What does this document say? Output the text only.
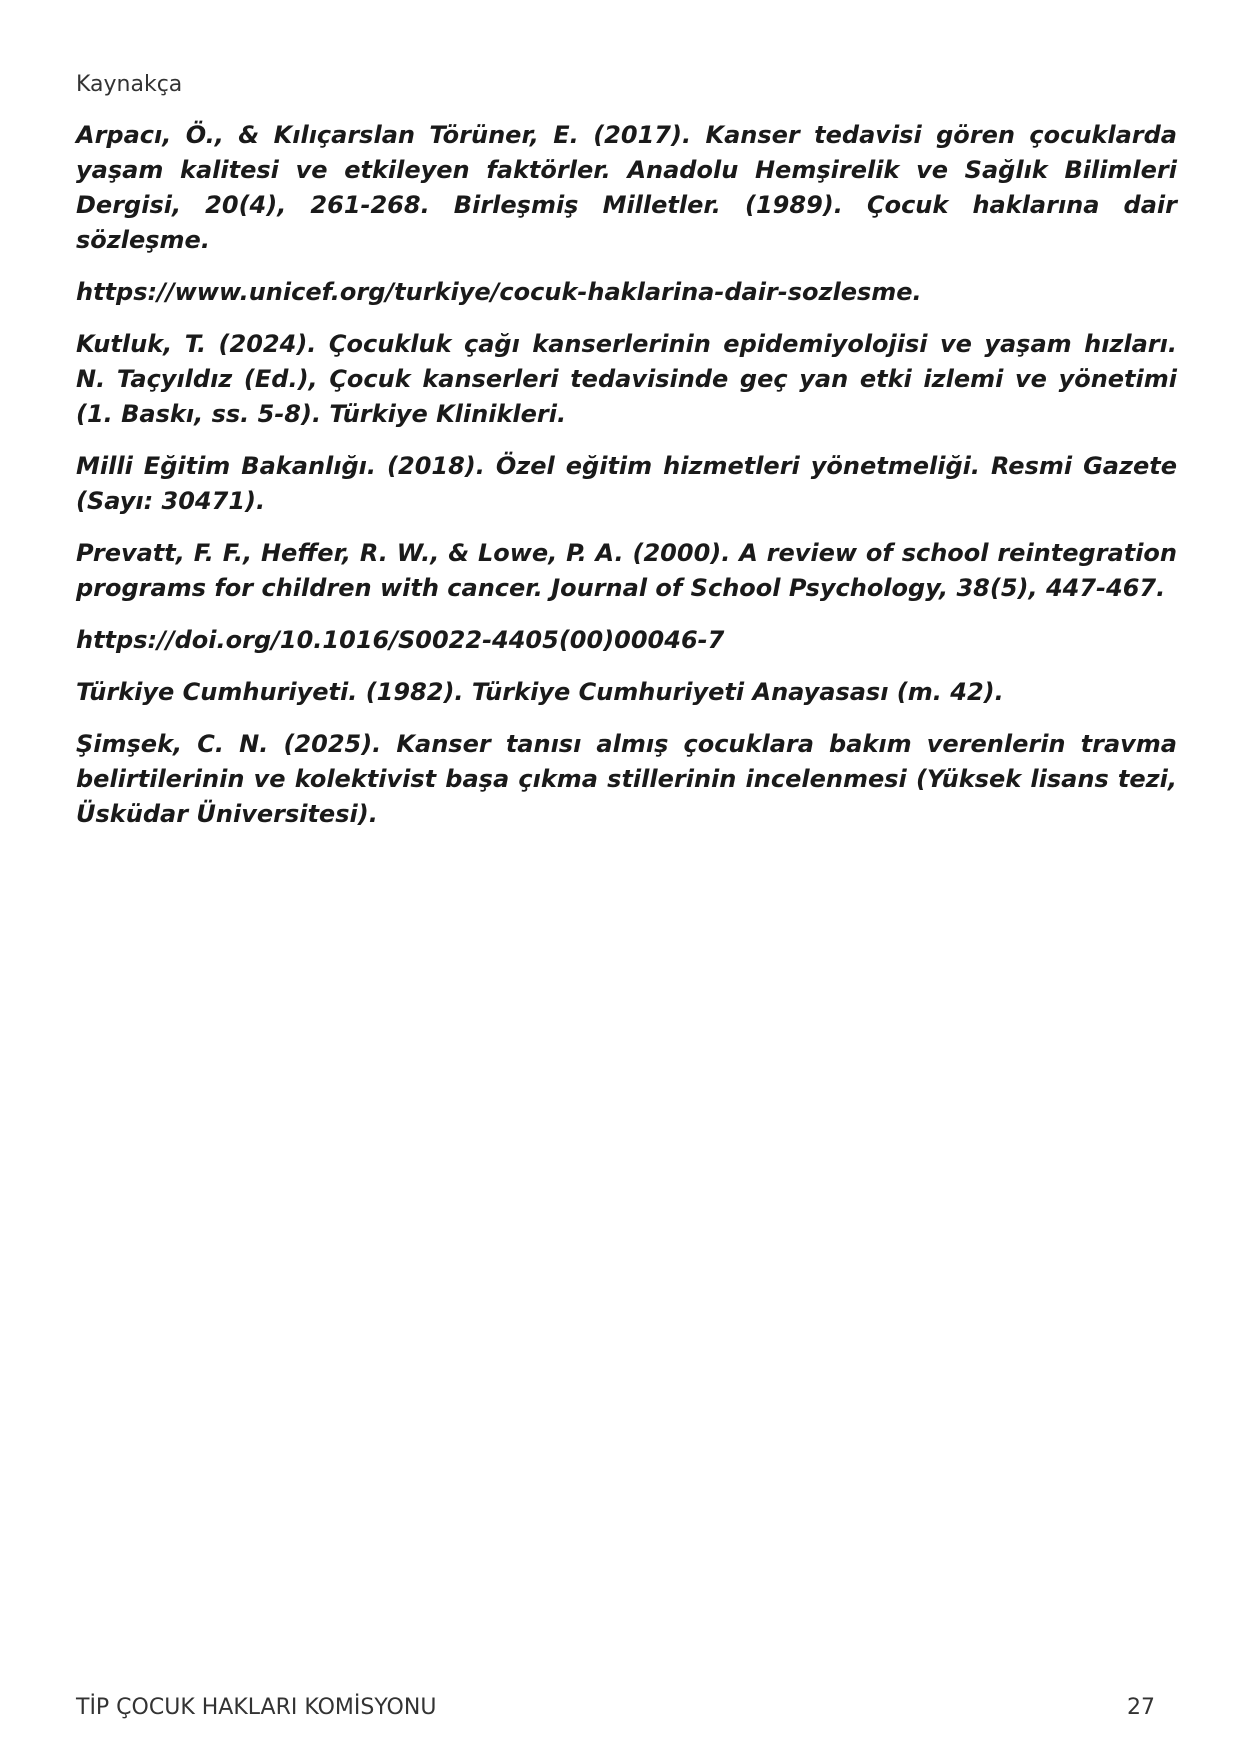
Kaynakça

Arpacı, Ö., & Kılıçarslan Törüner, E. (2017). Kanser tedavisi gören çocuklarda yaşam kalitesi ve etkileyen faktörler. Anadolu Hemşirelik ve Sağlık Bilimleri Dergisi, 20(4), 261-268. Birleşmiş Milletler. (1989). Çocuk haklarına dair sözleşme.

https://www.unicef.org/turkiye/cocuk-haklarina-dair-sozlesme.

Kutluk, T. (2024). Çocukluk çağı kanserlerinin epidemiyolojisi ve yaşam hızları. N. Taçyıldız (Ed.), Çocuk kanserleri tedavisinde geç yan etki izlemi ve yönetimi (1. Baskı, ss. 5-8). Türkiye Klinikleri.

Milli Eğitim Bakanlığı. (2018). Özel eğitim hizmetleri yönetmeliği. Resmi Gazete (Sayı: 30471).

Prevatt, F. F., Heffer, R. W., & Lowe, P. A. (2000). A review of school reintegration programs for children with cancer. Journal of School Psychology, 38(5), 447-467.

https://doi.org/10.1016/S0022-4405(00)00046-7

Türkiye Cumhuriyeti. (1982). Türkiye Cumhuriyeti Anayasası (m. 42).

Şimşek, C. N. (2025). Kanser tanısı almış çocuklara bakım verenlerin travma belirtilerinin ve kolektivist başa çıkma stillerinin incelenmesi (Yüksek lisans tezi, Üsküdar Üniversitesi).

TİP ÇOCUK HAKLARI KOMİSYONU	27
